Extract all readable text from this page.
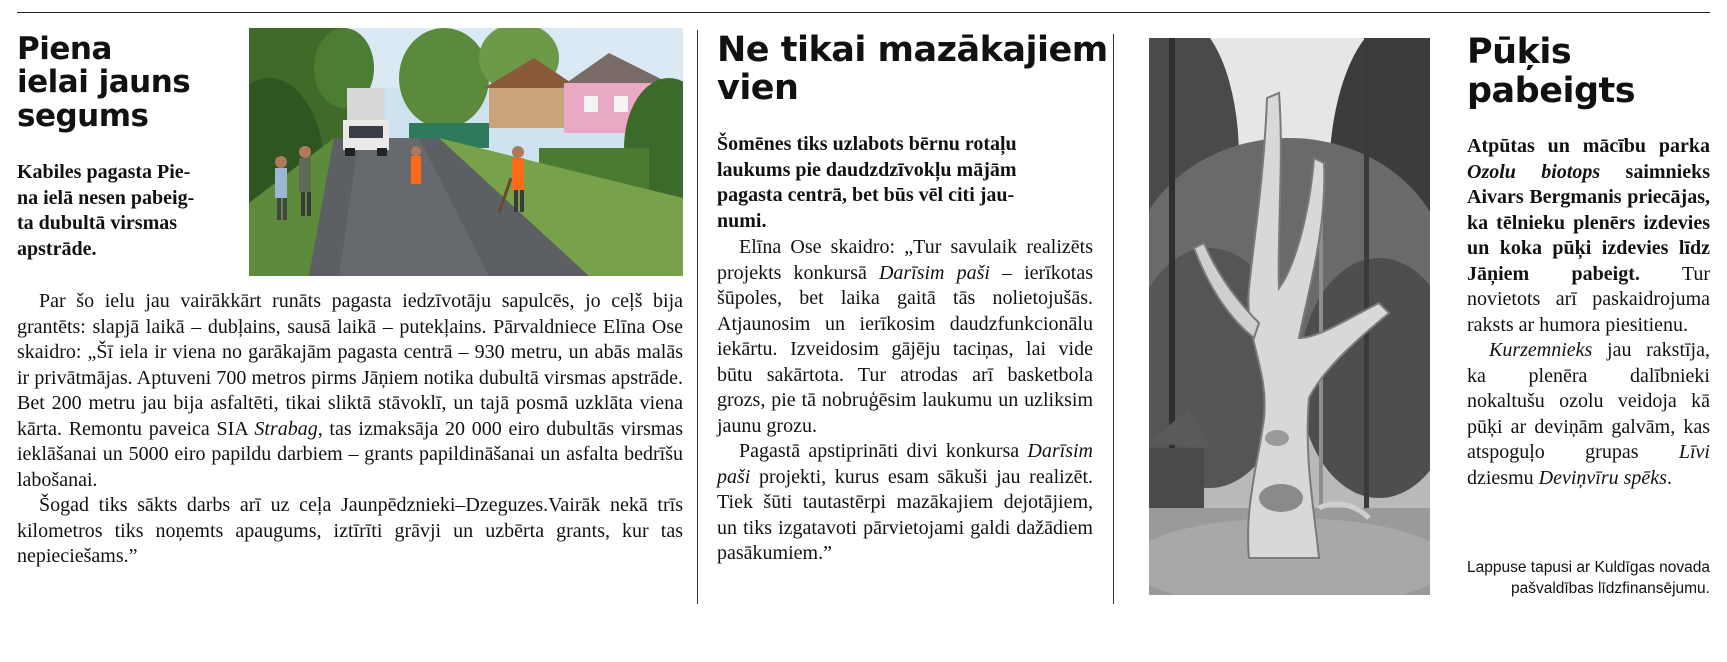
Piena
ielai jauns
segums
Kabiles pagasta Pie-
na ielā nesen pabeig-
ta dubultā virsmas
apstrāde.

Par šo ielu jau vairākkārt runāts pagasta iedzīvotāju sapulcēs, jo ceļš bija grantēts: slapjā laikā – dubļains, sausā laikā – putekļains. Pārvaldniece Elīna Ose skaidro: „Šī iela ir viena no garākajām pagasta centrā – 930 metru, un abās malās ir privātmājas. Aptuveni 700 metros pirms Jāņiem notika dubultā virsmas apstrāde. Bet 200 metru jau bija asfaltēti, tikai sliktā stāvoklī, un tajā posmā uzklāta viena kārta. Remontu paveica SIA Strabag, tas izmaksāja 20 000 eiro dubultās virsmas ieklāšanai un 5000 eiro papildu darbiem – grants papildināšanai un asfalta bedrīšu labošanai.

Šogad tiks sākts darbs arī uz ceļa Jaunpēdznieki–Dzeguzes.Vairāk nekā trīs kilometros tiks noņemts apaugums, iztīrīti grāvji un uzbērta grants, kur tas nepieciešams.”

Ne tikai mazākajiem
vien
Šomēnes tiks uzlabots bērnu rotaļu
laukums pie daudzdzīvokļu mājām
pagasta centrā, bet būs vēl citi jau-
numi.

Elīna Ose skaidro: „Tur savulaik realizēts projekts konkursā Darīsim paši – ierīkotas šūpoles, bet laika gaitā tās nolietojušās. Atjaunosim un ierīkosim daudzfunkcionālu iekārtu. Izveidosim gājēju taciņas, lai vide būtu sakārtota. Tur atrodas arī basketbola grozs, pie tā nobruģēsim laukumu un uzliksim jaunu grozu.

Pagastā apstiprināti divi konkursa Darīsim paši projekti, kurus esam sākuši jau realizēt. Tiek šūti tautastērpi mazākajiem dejotājiem, un tiks izgatavoti pārvietojami galdi dažādiem pasākumiem.”

Pūķis
pabeigts

Atpūtas un mācību parka Ozolu biotops saimnieks Aivars Bergmanis priecājas, ka tēlnieku plenērs izdevies un koka pūķi izdevies līdz Jāņiem pabeigt. Tur novietots arī paskaidrojuma raksts ar humora piesitienu.

Kurzemnieks jau rakstīja, ka plenēra dalībnieki nokaltušu ozolu veidoja kā pūķi ar deviņām galvām, kas atspoguļo grupas Līvi dziesmu Deviņvīru spēks.

Lappuse tapusi ar Kuldīgas novada
pašvaldības līdzfinansējumu.
